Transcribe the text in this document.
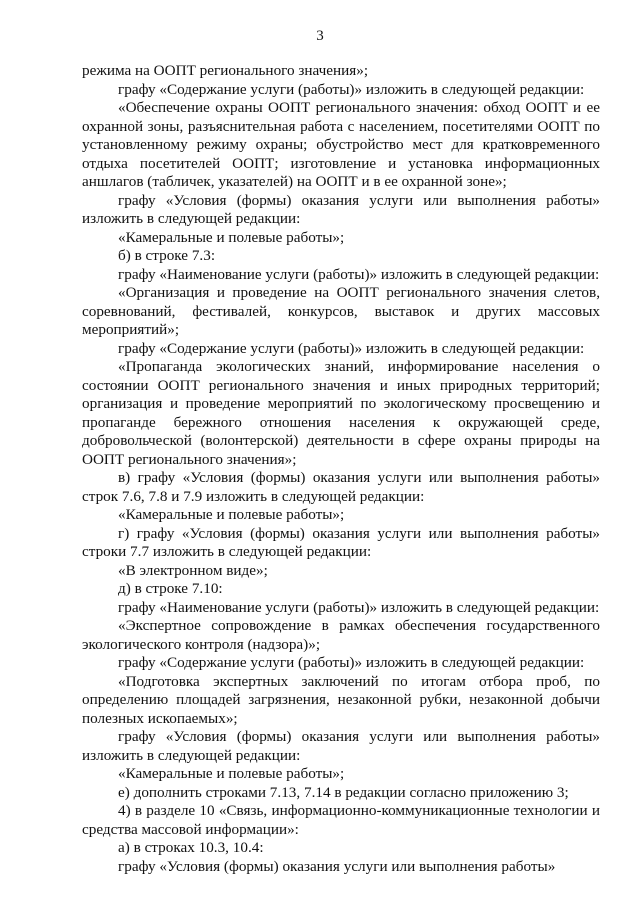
3

режима на ООПТ регионального значения»;

графу «Содержание услуги (работы)» изложить в следующей редакции:

«Обеспечение охраны ООПТ регионального значения: обход ООПТ и ее охранной зоны, разъяснительная работа с населением, посетителями ООПТ по установленному режиму охраны; обустройство мест для кратковременного отдыха посетителей ООПТ; изготовление и установка информационных аншлагов (табличек, указателей) на ООПТ и в ее охранной зоне»;

графу «Условия (формы) оказания услуги или выполнения работы» изложить в следующей редакции:

«Камеральные и полевые работы»;

б) в строке 7.3:

графу «Наименование услуги (работы)» изложить в следующей редакции:

«Организация и проведение на ООПТ регионального значения слетов, соревнований, фестивалей, конкурсов, выставок и других массовых мероприятий»;

графу «Содержание услуги (работы)» изложить в следующей редакции:

«Пропаганда экологических знаний, информирование населения о состоянии ООПТ регионального значения и иных природных территорий; организация и проведение мероприятий по экологическому просвещению и пропаганде бережного отношения населения к окружающей среде, добровольческой (волонтерской) деятельности в сфере охраны природы на ООПТ регионального значения»;

в) графу «Условия (формы) оказания услуги или выполнения работы» строк 7.6, 7.8 и 7.9 изложить в следующей редакции:

«Камеральные и полевые работы»;

г) графу «Условия (формы) оказания услуги или выполнения работы» строки 7.7 изложить в следующей редакции:

«В электронном виде»;

д) в строке 7.10:

графу «Наименование услуги (работы)» изложить в следующей редакции:

«Экспертное сопровождение в рамках обеспечения государственного экологического контроля (надзора)»;

графу «Содержание услуги (работы)» изложить в следующей редакции:

«Подготовка экспертных заключений по итогам отбора проб, по определению площадей загрязнения, незаконной рубки, незаконной добычи полезных ископаемых»;

графу «Условия (формы) оказания услуги или выполнения работы» изложить в следующей редакции:

«Камеральные и полевые работы»;

е) дополнить строками 7.13, 7.14 в редакции согласно приложению 3;

4) в разделе 10 «Связь, информационно-коммуникационные технологии и средства массовой информации»:

а) в строках 10.3, 10.4:

графу «Условия (формы) оказания услуги или выполнения работы»
